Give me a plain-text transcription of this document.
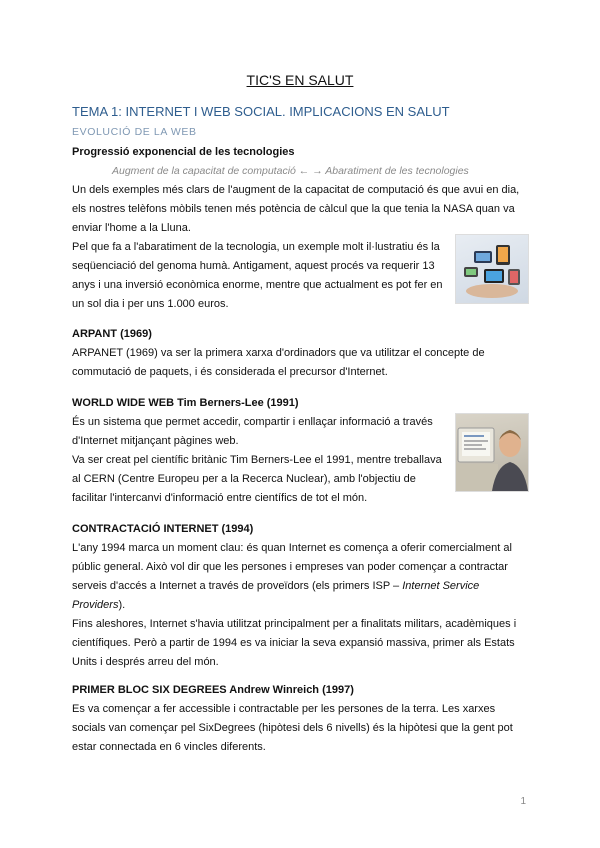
TIC'S EN SALUT
TEMA 1: INTERNET I WEB SOCIAL. IMPLICACIONS EN SALUT
EVOLUCIÓ DE LA WEB
Progressió exponencial de les tecnologies
Augment de la capacitat de computació ← → Abaratiment de les tecnologies
Un dels exemples més clars de l'augment de la capacitat de computació és que avui en dia,
els nostres telèfons mòbils tenen més potència de càlcul que la que tenia la NASA quan va
enviar l'home a la Lluna.
Pel que fa a l'abaratiment de la tecnologia, un exemple molt il·lustratiu és la
seqüenciació del genoma humà. Antigament, aquest procés va requerir 13
anys i una inversió econòmica enorme, mentre que actualment es pot fer en
un sol dia i per uns 1.000 euros.
ARPANT (1969)
ARPANET (1969) va ser la primera xarxa d'ordinadors que va utilitzar el concepte de
commutació de paquets, i és considerada el precursor d'Internet.
WORLD WIDE WEB Tim Berners-Lee (1991)
És un sistema que permet accedir, compartir i enllaçar informació a través
d'Internet mitjançant pàgines web.
Va ser creat pel científic britànic Tim Berners-Lee el 1991, mentre treballava
al CERN (Centre Europeu per a la Recerca Nuclear), amb l'objectiu de
facilitar l'intercanvi d'informació entre científics de tot el món.
CONTRACTACIÓ INTERNET (1994)
L'any 1994 marca un moment clau: és quan Internet es comença a oferir comercialment al
públic general. Això vol dir que les persones i empreses van poder començar a contractar
serveis d'accés a Internet a través de proveïdors (els primers ISP – Internet Service
Providers).
Fins aleshores, Internet s'havia utilitzat principalment per a finalitats militars, acadèmiques i
científiques. Però a partir de 1994 es va iniciar la seva expansió massiva, primer als Estats
Units i després arreu del món.
PRIMER BLOC SIX DEGREES Andrew Winreich (1997)
Es va començar a fer accessible i contractable per les persones de la terra. Les xarxes
socials van començar pel SixDegrees (hipòtesi dels 6 nivells) és la hipòtesi que la gent pot
estar connectada en 6 vincles diferents.
1
